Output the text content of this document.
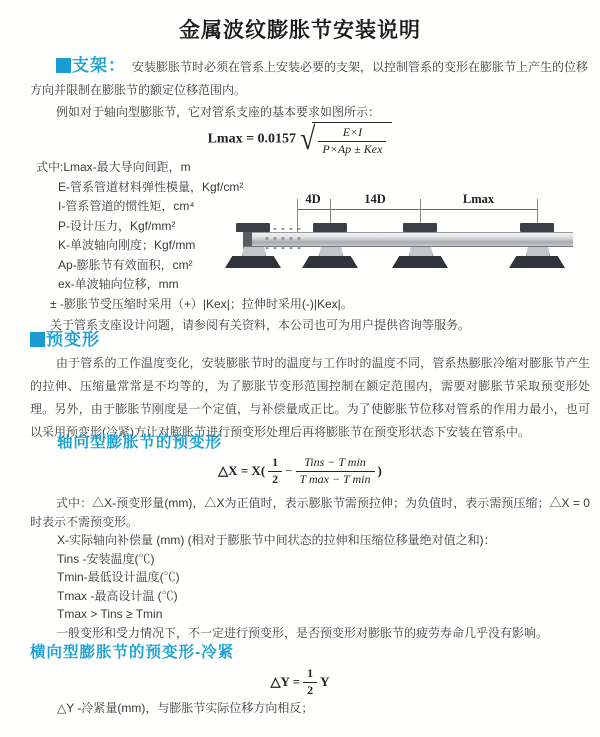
金属波纹膨胀节安装说明
支架： 安装膨胀节时必须在管系上安装必要的支架，以控制管系的变形在膨胀节上产生的位移方向并限制在膨胀节的额定位移范围内。
例如对于轴向型膨胀节，它对管系支座的基本要求如图所示：
Lmax = 0.0157 √ $\frac{E\times I}{\text{P×Ap ± Kex}}$
式中:Lmax-最大导向间距，m
E-管系管道材料弹性模量，Kgf/cm²
I-管系管道的惯性矩，cm⁴
P-设计压力，Kgf/mm²
K-单波轴向刚度；Kgf/mm
Ap-膨胀节有效面积，cm²
ex-单波轴向位移，mm
± -膨胀节受压缩时采用（+）|Kex|；拉伸时采用(-)|Kex|。
关于管系支座设计问题，请参阅有关资料，本公司也可为用户提供咨询等服务。
4D	14D	Lmax
预变形
由于管系的工作温度变化，安装膨胀节时的温度与工作时的温度不同，管系热膨胀冷缩对膨胀节产生的拉伸、压缩量常常是不均等的，为了膨胀节变形范围控制在额定范围内，需要对膨胀节采取预变形处理。另外，由于膨胀节刚度是一个定值，与补偿量成正比。为了使膨胀节位移对管系的作用力最小，也可以采用预变形(冷紧)方让对膨胀节进行预变形处理后再将膨胀节在预变形状态下安装在管系中。
轴向型膨胀节的预变形
△X = $X( \frac{1}{2} - \frac{\text{Tins − T min}}{\text{T max − T min}}$ )
式中：△X-预变形量(mm)，△X为正值时，表示膨胀节需预拉伸；为负值时，表示需预压缩；△X = 0时表示不需预变形。
X-实际轴向补偿量 (mm) (相对于膨胀节中间状态的拉伸和压缩位移量绝对值之和)：
Tins -安装温度(℃)
Tmin-最低设计温度(℃)
Tmax -最高设计温 (℃)
Tmax > Tins ≥ Tmin
一般变形和受力情况下，不一定进行预变形，是否预变形对膨胀节的疲劳寿命几乎没有影响。
横向型膨胀节的预变形-冷紧
△Y = $\frac{1}{2}$ Y
△Y -冷紧量(mm)，与膨胀节实际位移方向相反；
